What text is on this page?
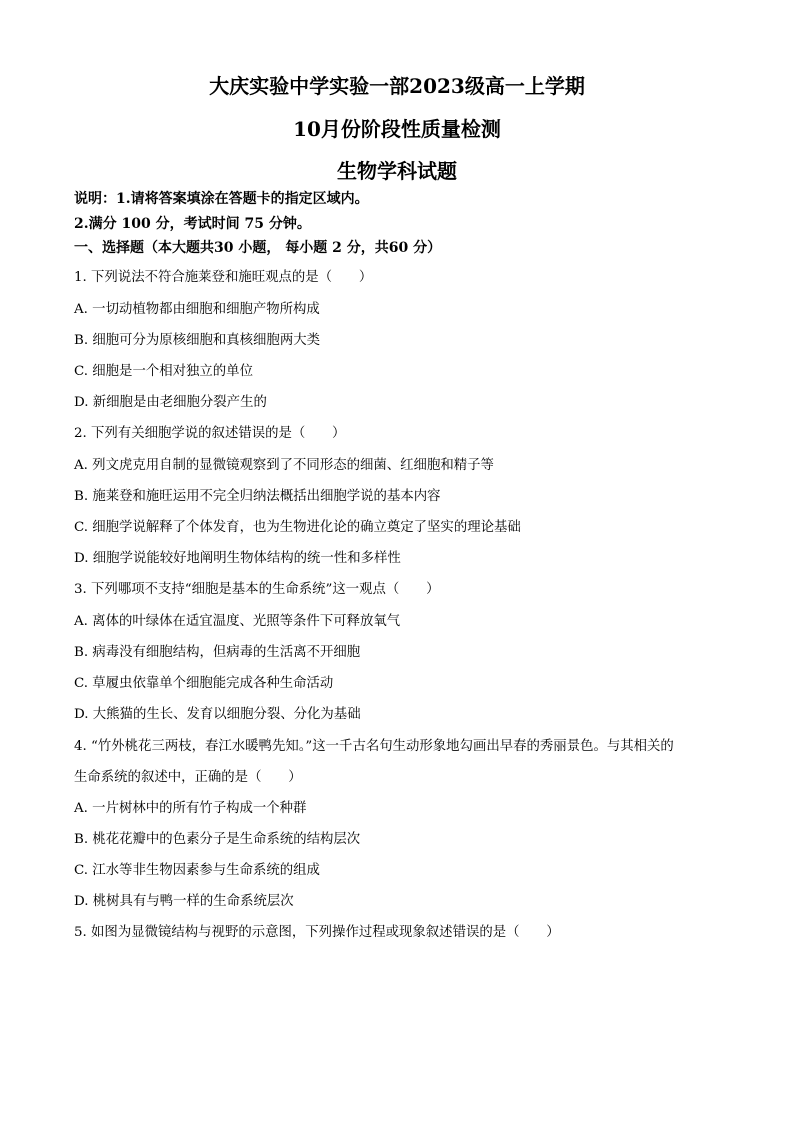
大庆实验中学实验一部2023级高一上学期
10月份阶段性质量检测
生物学科试题
说明：1.请将答案填涂在答题卡的指定区域内。
2.满分 100 分，考试时间 75 分钟。
一、选择题（本大题共30 小题， 每小题 2 分，共60 分）
1. 下列说法不符合施莱登和施旺观点的是（　　）
A. 一切动植物都由细胞和细胞产物所构成
B. 细胞可分为原核细胞和真核细胞两大类
C. 细胞是一个相对独立的单位
D. 新细胞是由老细胞分裂产生的
2. 下列有关细胞学说的叙述错误的是（　　）
A. 列文虎克用自制的显微镜观察到了不同形态的细菌、红细胞和精子等
B. 施莱登和施旺运用不完全归纳法概括出细胞学说的基本内容
C. 细胞学说解释了个体发育，也为生物进化论的确立奠定了坚实的理论基础
D. 细胞学说能较好地阐明生物体结构的统一性和多样性
3. 下列哪项不支持“细胞是基本的生命系统”这一观点（　　）
A. 离体的叶绿体在适宜温度、光照等条件下可释放氧气
B. 病毒没有细胞结构，但病毒的生活离不开细胞
C. 草履虫依靠单个细胞能完成各种生命活动
D. 大熊猫的生长、发育以细胞分裂、分化为基础
4. “竹外桃花三两枝，春江水暖鸭先知。”这一千古名句生动形象地勾画出早春的秀丽景色。与其相关的
生命系统的叙述中，正确的是（　　）
A. 一片树林中的所有竹子构成一个种群
B. 桃花花瓣中的色素分子是生命系统的结构层次
C. 江水等非生物因素参与生命系统的组成
D. 桃树具有与鸭一样的生命系统层次
5. 如图为显微镜结构与视野的示意图，下列操作过程或现象叙述错误的是（　　）
